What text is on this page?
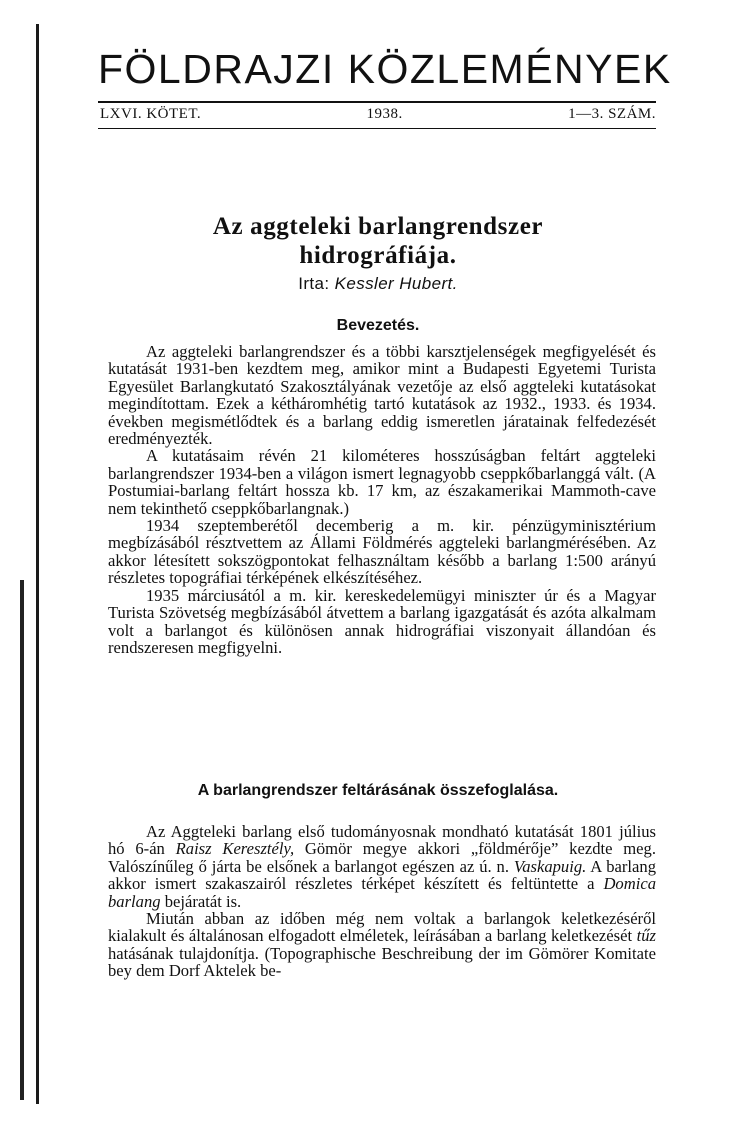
FÖLDRAJZI KÖZLEMÉNYEK
LXVI. KÖTET.	1938.	1—3. SZÁM.
Az aggteleki barlangrendszer
hidrográfiája.
Irta: Kessler Hubert.
Bevezetés.

Az aggteleki barlangrendszer és a többi karsztjelenségek megfigyelését és kutatását 1931-ben kezdtem meg, amikor mint a Budapesti Egyetemi Turista Egyesület Barlangkutató Szakosztályának vezetője az első aggteleki kutatásokat megindítottam. Ezek a kétháromhétig tartó kutatások az 1932., 1933. és 1934. években megismétlődtek és a barlang eddig ismeretlen járatainak felfedezését eredményezték.

A kutatásaim révén 21 kilométeres hosszúságban feltárt aggteleki barlangrendszer 1934-ben a világon ismert legnagyobb cseppkőbarlanggá vált. (A Postumiai-barlang feltárt hossza kb. 17 km, az északamerikai Mammoth-cave nem tekinthető cseppkőbarlangnak.)

1934 szeptemberétől decemberig a m. kir. pénzügyminisztérium megbízásából résztvettem az Állami Földmérés aggteleki barlangmérésében. Az akkor létesített sokszögpontokat felhasználtam később a barlang 1:500 arányú részletes topográfiai térképének elkészítéséhez.

1935 márciusától a m. kir. kereskedelemügyi miniszter úr és a Magyar Turista Szövetség megbízásából átvettem a barlang igazgatását és azóta alkalmam volt a barlangot és különösen annak hidrográfiai viszonyait állandóan és rendszeresen megfigyelni.

A barlangrendszer feltárásának összefoglalása.

Az Aggteleki barlang első tudományosnak mondható kutatását 1801 július hó 6-án Raisz Keresztély, Gömör megye akkori „földmérője” kezdte meg. Valószínűleg ő járta be elsőnek a barlangot egészen az ú. n. Vaskapuig. A barlang akkor ismert szakaszairól részletes térképet készített és feltüntette a Domica barlang bejáratát is.

Miután abban az időben még nem voltak a barlangok keletkezéséről kialakult és általánosan elfogadott elméletek, leírásában a barlang keletkezését tűz hatásának tulajdonítja. (Topographische Beschreibung der im Gömörer Komitate bey dem Dorf Aktelek be-
